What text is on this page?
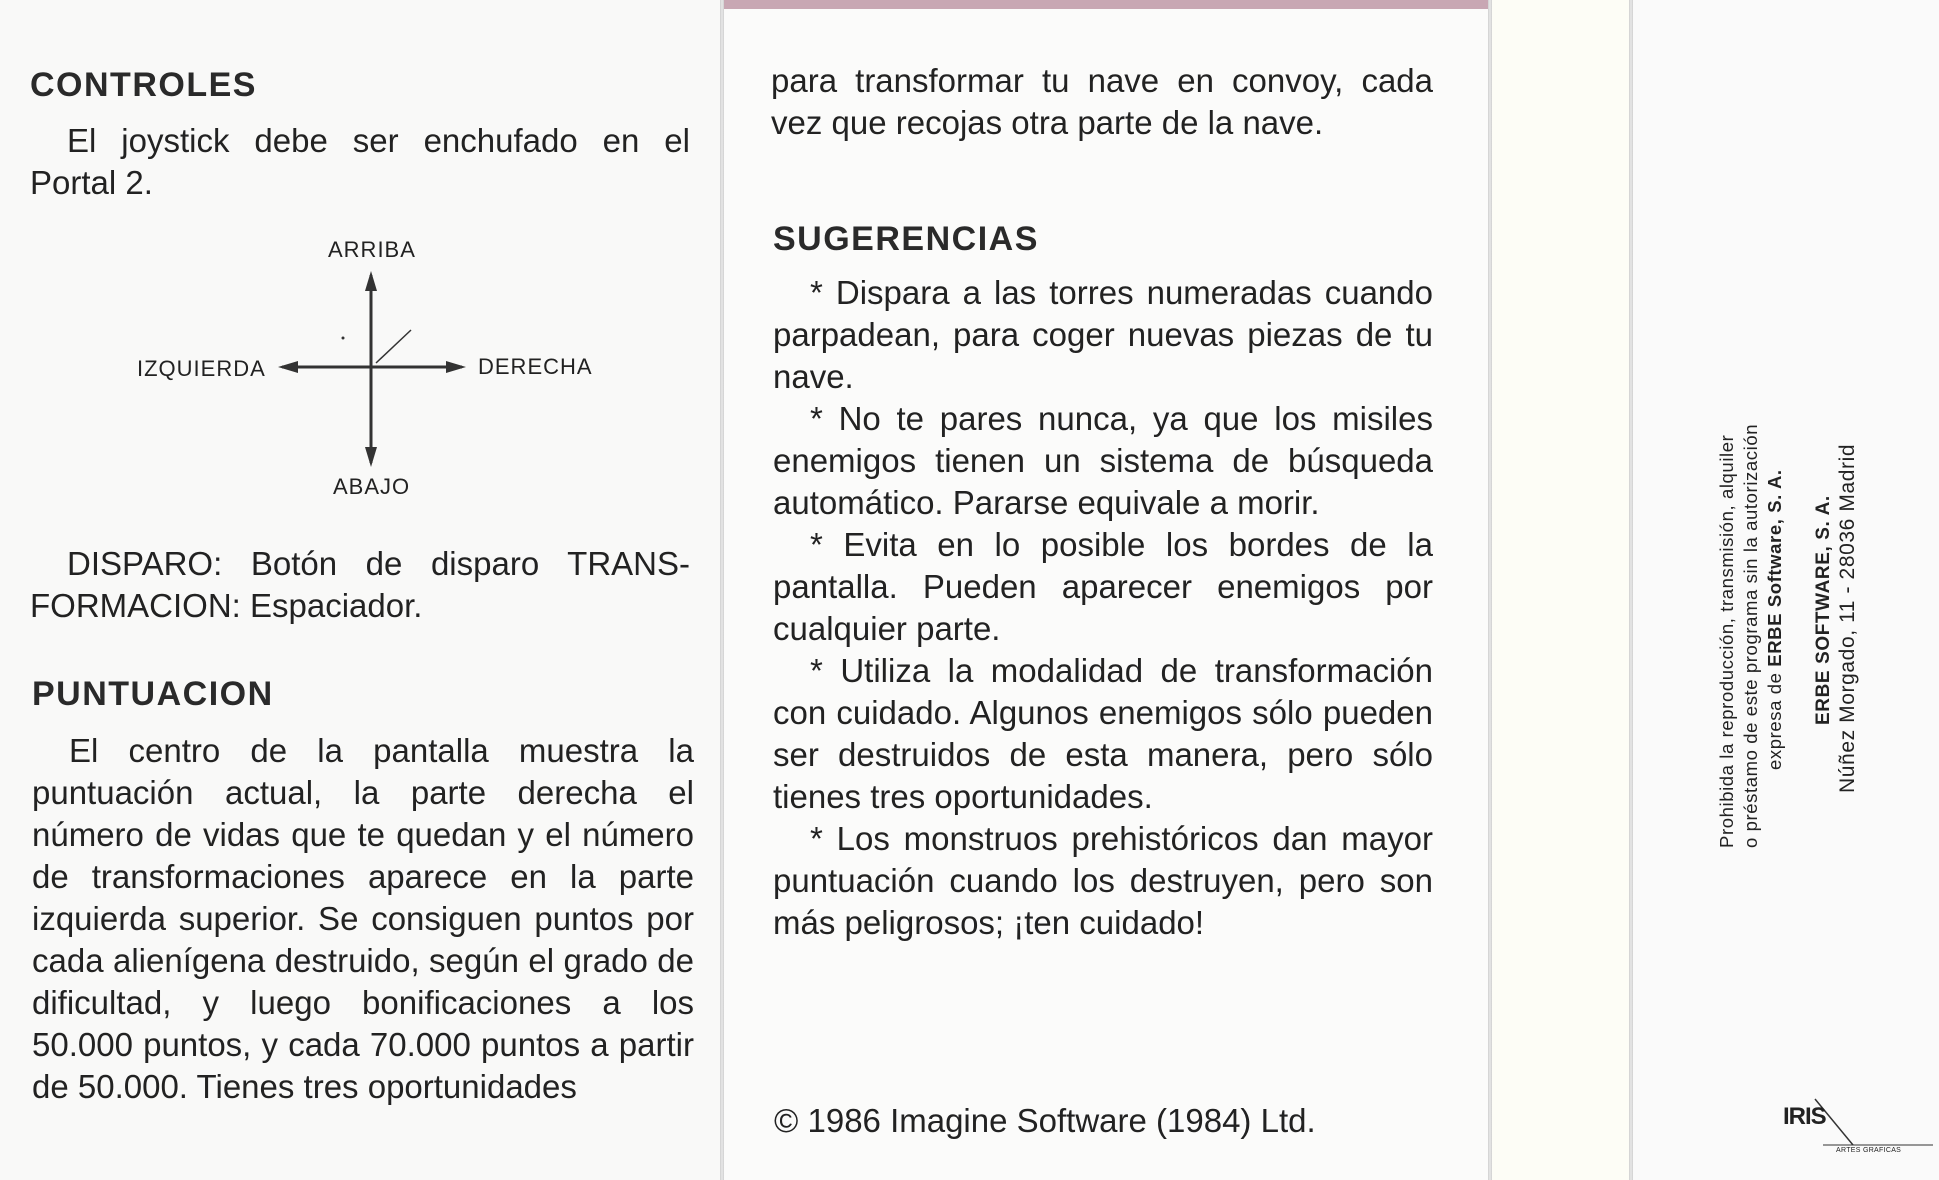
CONTROLES

El joystick debe ser enchufado en el Portal 2.

ARRIBA
IZQUIERDA	DERECHA
ABAJO

DISPARO: Botón de disparo TRANS-FORMACION: Espaciador.

PUNTUACION

El centro de la pantalla muestra la puntuación actual, la parte derecha el número de vidas que te quedan y el número de transformaciones aparece en la parte izquierda superior. Se consiguen puntos por cada alienígena destruido, según el grado de dificultad, y luego bonificaciones a los 50.000 puntos, y cada 70.000 puntos a partir de 50.000. Tienes tres oportunidades

para transformar tu nave en convoy, cada vez que recojas otra parte de la nave.

SUGERENCIAS

* Dispara a las torres numeradas cuando parpadean, para coger nuevas piezas de tu nave.

* No te pares nunca, ya que los misiles enemigos tienen un sistema de búsqueda automático. Pararse equivale a morir.

* Evita en lo posible los bordes de la pantalla. Pueden aparecer enemigos por cualquier parte.

* Utiliza la modalidad de transformación con cuidado. Algunos enemigos sólo pueden ser destruidos de esta manera, pero sólo tienes tres oportunidades.

* Los monstruos prehistóricos dan mayor puntuación cuando los destruyen, pero son más peligrosos; ¡ten cuidado!

© 1986 Imagine Software (1984) Ltd.

Prohibida la reproducción, transmisión, alquiler o préstamo de este programa sin la autorización expresa de ERBE Software, S. A. ERBE SOFTWARE, S. A. Núñez Morgado, 11 - 28036 Madrid
IRIS
ARTES GRAFICAS
